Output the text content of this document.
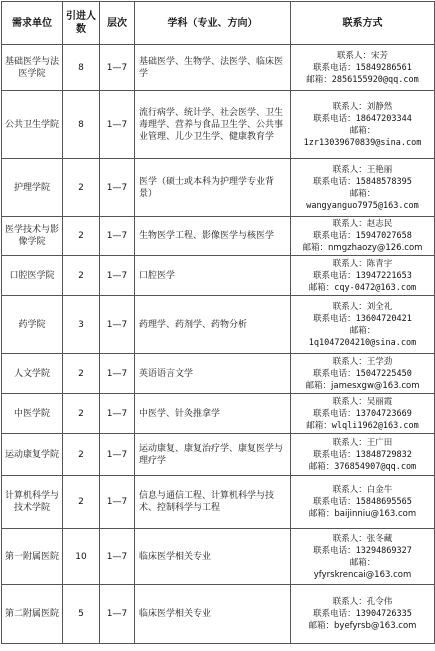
需求单位	引进人数	层次	学科（专业、方向）	联系方式
基础医学与法医学院	8	1—7	基础医学、生物学、法医学、临床医学	联系人：宋芳
联系电话：15849286561
邮箱：2856155920@qq.com

公共卫生学院	8	1—7	流行病学、统计学、社会医学、卫生毒理学、营养与食品卫生学、公共事业管理、儿少卫生学、健康教育学	联系人：刘静然
联系电话：18647203344
邮箱：
1zr13039670839@sina.com

护理学院	2	1—7	医学（硕士或本科为护理学专业背景）	联系人：王艳丽
联系电话：15848578395
邮箱：
wangyanguo7975@163.com

医学技术与影像学院	2	1—7	生物医学工程、影像医学与核医学	联系人：赵志民
联系电话：15947027658
邮箱：nmgzhaozy@126.com

口腔医学院	2	1—7	口腔医学	联系人：陈青宇
联系电话：13947221653
邮箱：cqy-0472@163.com

药学院	3	1—7	药理学、药剂学、药物分析	联系人：刘全礼
联系电话：13604720421
邮箱：
1q1047204210@sina.com

人文学院	2	1—7	英语语言文学	联系人：王学劲
联系电话：15047225450
邮箱：jamesxgw@163.com

中医学院	2	1—7	中医学、针灸推拿学	联系人：吴丽霞
联系电话：13704723669
邮箱：wlqli1962@163.com

运动康复学院	2	1—7	运动康复、康复治疗学、康复医学与理疗学	联系人：王广田
联系电话：13848729832
邮箱：376854907@qq.com

计算机科学与技术学院	2	1—7	信息与通信工程、计算机科学与技术、控制科学与工程	联系人：白金牛
联系电话：15848695565
邮箱：baijinniu@163.com

第一附属医院	10	1—7	临床医学相关专业	联系人：张冬藏
联系电话：13294869327
邮箱：
yfyrskrencai@163.com

第二附属医院	5	1—7	临床医学相关专业	联系人：孔令伟
联系电话：13904726335
邮箱：byefyrsb@163.com
